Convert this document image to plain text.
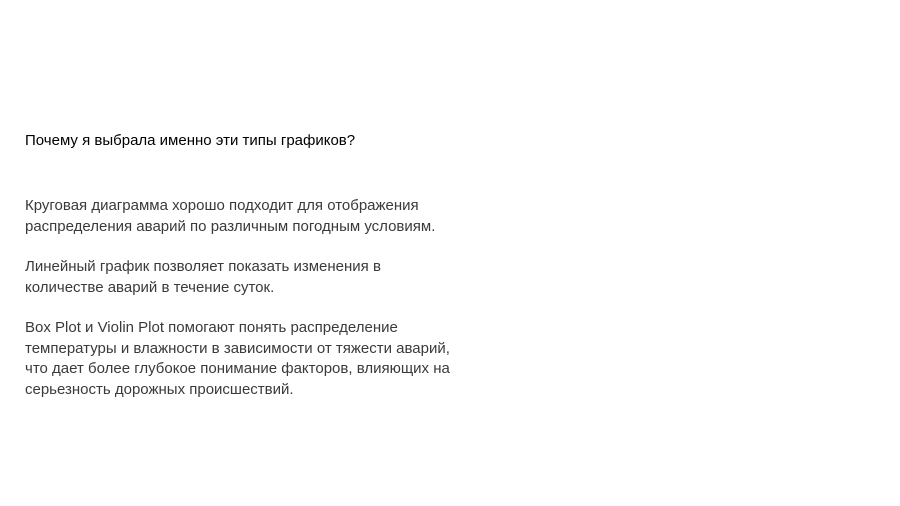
Почему я выбрала именно эти типы графиков?

Круговая диаграмма хорошо подходит для отображения
распределения аварий по различным погодным условиям.

Линейный график позволяет показать изменения в
количестве аварий в течение суток.

Box Plot и Violin Plot помогают понять распределение
температуры и влажности в зависимости от тяжести аварий,
что дает более глубокое понимание факторов, влияющих на
серьезность дорожных происшествий.
